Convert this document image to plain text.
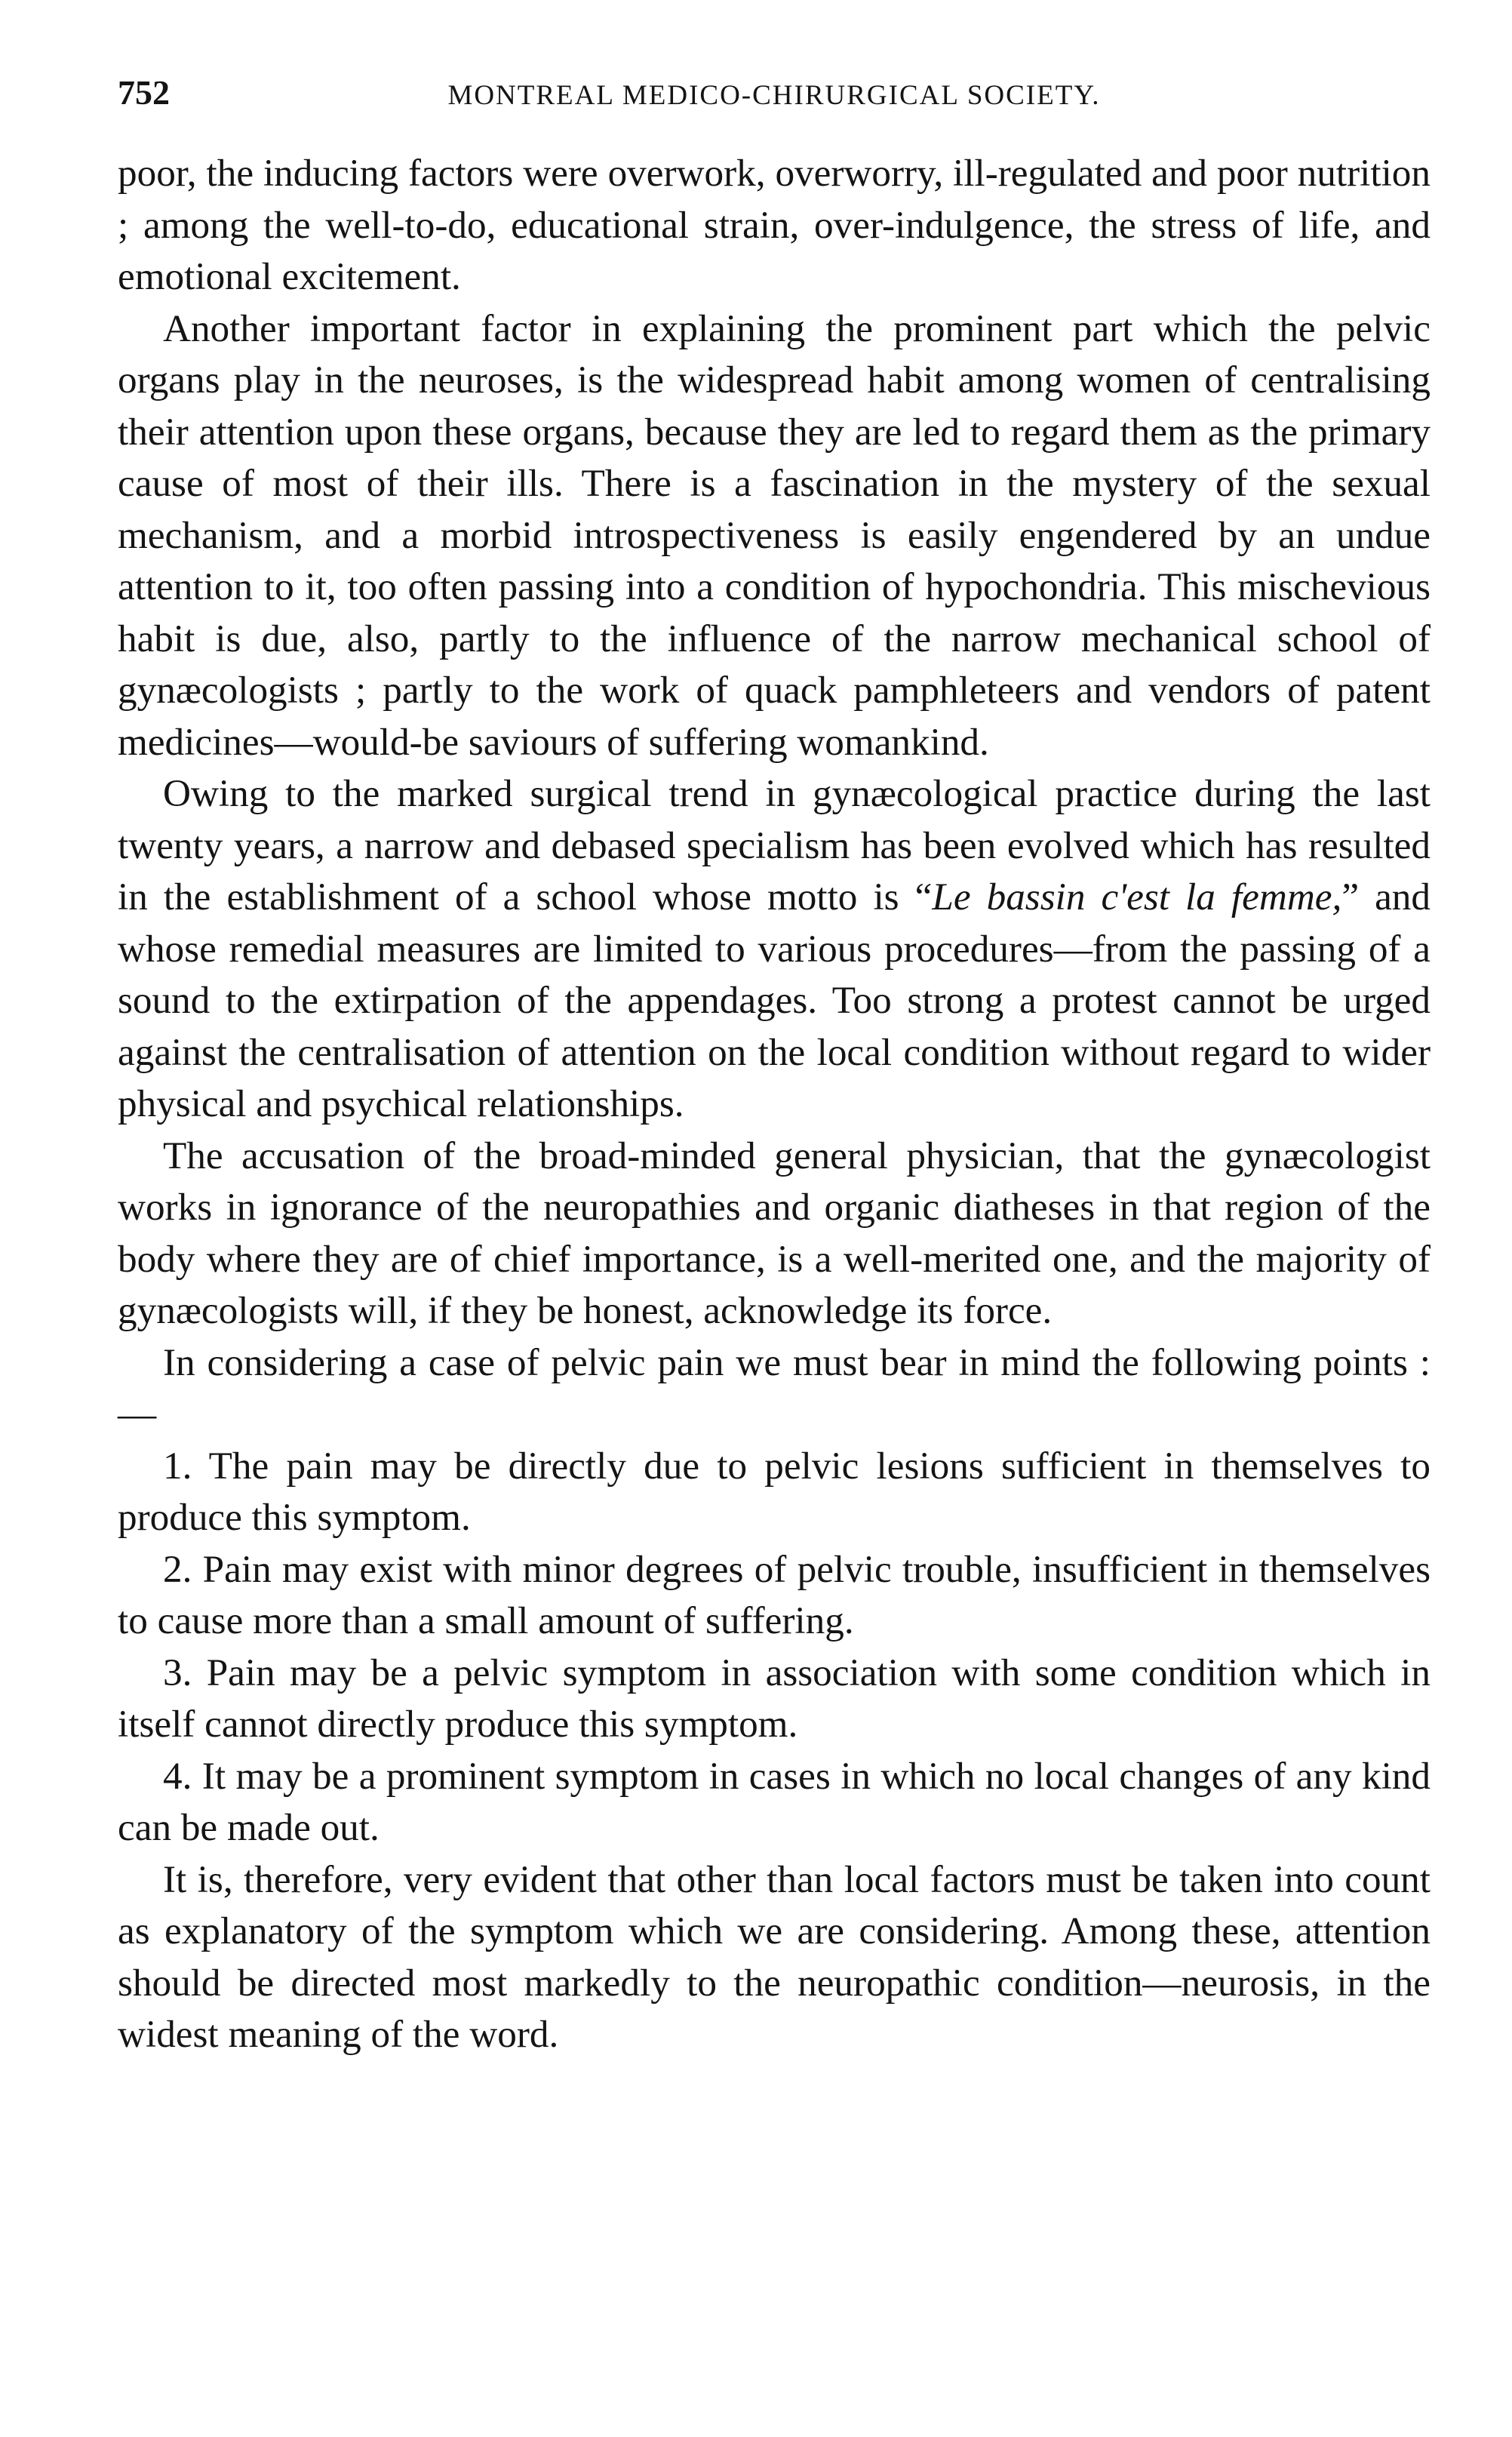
752	MONTREAL MEDICO-CHIRURGICAL SOCIETY.

poor, the inducing factors were overwork, overworry, ill-regulated and poor nutrition ; among the well-to-do, educational strain, over-indulgence, the stress of life, and emotional excitement.

Another important factor in explaining the prominent part which the pelvic organs play in the neuroses, is the widespread habit among women of centralising their attention upon these organs, because they are led to regard them as the primary cause of most of their ills. There is a fascination in the mystery of the sexual mechanism, and a morbid introspectiveness is easily engendered by an undue attention to it, too often passing into a condition of hypochondria. This mischevious habit is due, also, partly to the influence of the narrow mechanical school of gynæcologists ; partly to the work of quack pamphleteers and vendors of patent medicines—would-be saviours of suffering womankind.

Owing to the marked surgical trend in gynæcological practice during the last twenty years, a narrow and debased specialism has been evolved which has resulted in the establishment of a school whose motto is “Le bassin c'est la femme,” and whose remedial measures are limited to various procedures—from the passing of a sound to the extirpation of the appendages. Too strong a protest cannot be urged against the centralisation of attention on the local condition without regard to wider physical and psychical relationships.

The accusation of the broad-minded general physician, that the gynæcologist works in ignorance of the neuropathies and organic diatheses in that region of the body where they are of chief importance, is a well-merited one, and the majority of gynæcologists will, if they be honest, acknowledge its force.

In considering a case of pelvic pain we must bear in mind the following points :—

1. The pain may be directly due to pelvic lesions sufficient in themselves to produce this symptom.

2. Pain may exist with minor degrees of pelvic trouble, insufficient in themselves to cause more than a small amount of suffering.

3. Pain may be a pelvic symptom in association with some condition which in itself cannot directly produce this symptom.

4. It may be a prominent symptom in cases in which no local changes of any kind can be made out.

It is, therefore, very evident that other than local factors must be taken into count as explanatory of the symptom which we are considering. Among these, attention should be directed most markedly to the neuropathic condition—neurosis, in the widest meaning of the word.
